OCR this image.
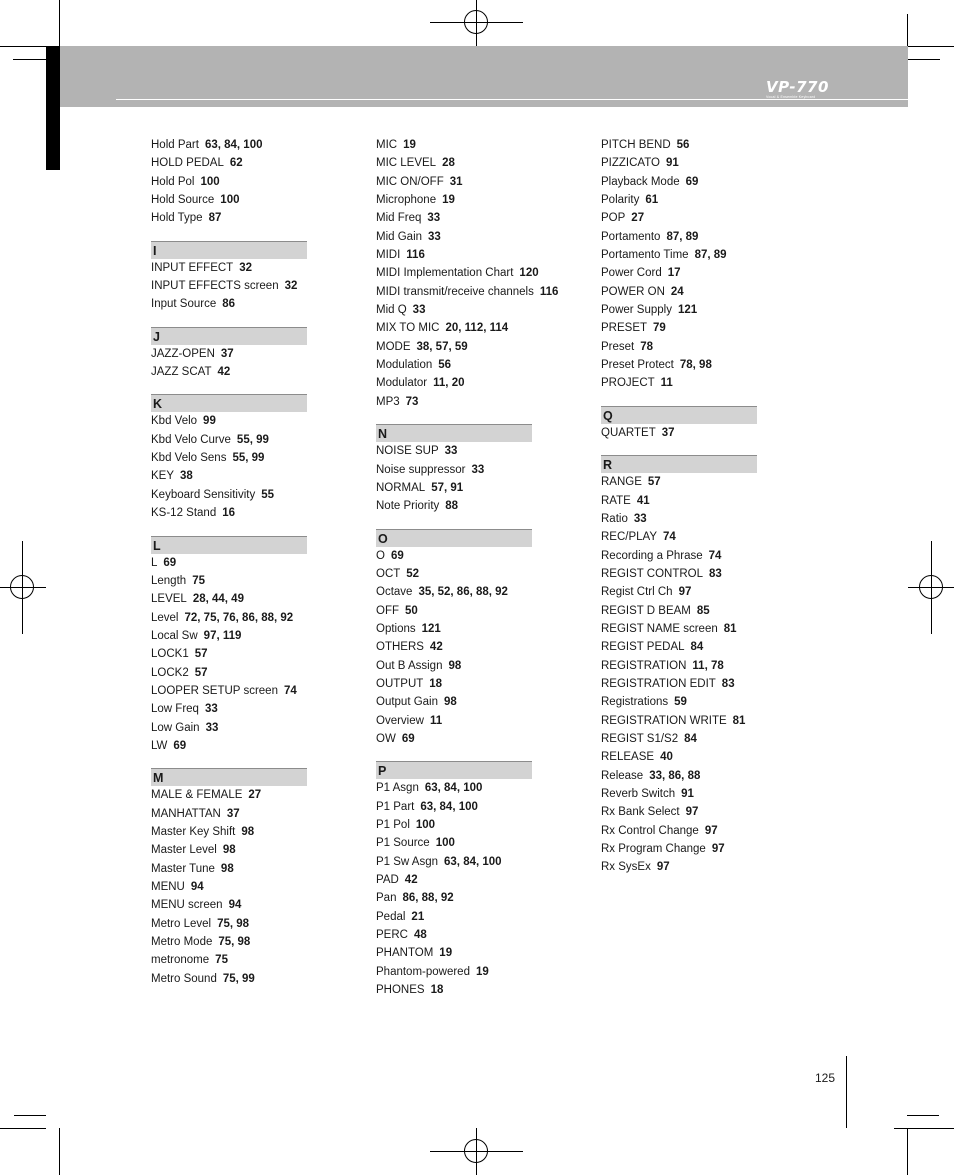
VP-770
Vocal & Ensemble Keyboard
Hold Part 63, 84, 100
HOLD PEDAL 62
Hold Pol 100
Hold Source 100
Hold Type 87
I
INPUT EFFECT 32
INPUT EFFECTS screen 32
Input Source 86
J
JAZZ-OPEN 37
JAZZ SCAT 42
K
Kbd Velo 99
Kbd Velo Curve 55, 99
Kbd Velo Sens 55, 99
KEY 38
Keyboard Sensitivity 55
KS-12 Stand 16
L
L 69
Length 75
LEVEL 28, 44, 49
Level 72, 75, 76, 86, 88, 92
Local Sw 97, 119
LOCK1 57
LOCK2 57
LOOPER SETUP screen 74
Low Freq 33
Low Gain 33
LW 69
M
MALE & FEMALE 27
MANHATTAN 37
Master Key Shift 98
Master Level 98
Master Tune 98
MENU 94
MENU screen 94
Metro Level 75, 98
Metro Mode 75, 98
metronome 75
Metro Sound 75, 99
MIC 19
MIC LEVEL 28
MIC ON/OFF 31
Microphone 19
Mid Freq 33
Mid Gain 33
MIDI 116
MIDI Implementation Chart 120
MIDI transmit/receive channels 116
Mid Q 33
MIX TO MIC 20, 112, 114
MODE 38, 57, 59
Modulation 56
Modulator 11, 20
MP3 73
N
NOISE SUP 33
Noise suppressor 33
NORMAL 57, 91
Note Priority 88
O
O 69
OCT 52
Octave 35, 52, 86, 88, 92
OFF 50
Options 121
OTHERS 42
Out B Assign 98
OUTPUT 18
Output Gain 98
Overview 11
OW 69
P
P1 Asgn 63, 84, 100
P1 Part 63, 84, 100
P1 Pol 100
P1 Source 100
P1 Sw Asgn 63, 84, 100
PAD 42
Pan 86, 88, 92
Pedal 21
PERC 48
PHANTOM 19
Phantom-powered 19
PHONES 18
PITCH BEND 56
PIZZICATO 91
Playback Mode 69
Polarity 61
POP 27
Portamento 87, 89
Portamento Time 87, 89
Power Cord 17
POWER ON 24
Power Supply 121
PRESET 79
Preset 78
Preset Protect 78, 98
PROJECT 11
Q
QUARTET 37
R
RANGE 57
RATE 41
Ratio 33
REC/PLAY 74
Recording a Phrase 74
REGIST CONTROL 83
Regist Ctrl Ch 97
REGIST D BEAM 85
REGIST NAME screen 81
REGIST PEDAL 84
REGISTRATION 11, 78
REGISTRATION EDIT 83
Registrations 59
REGISTRATION WRITE 81
REGIST S1/S2 84
RELEASE 40
Release 33, 86, 88
Reverb Switch 91
Rx Bank Select 97
Rx Control Change 97
Rx Program Change 97
Rx SysEx 97
125
